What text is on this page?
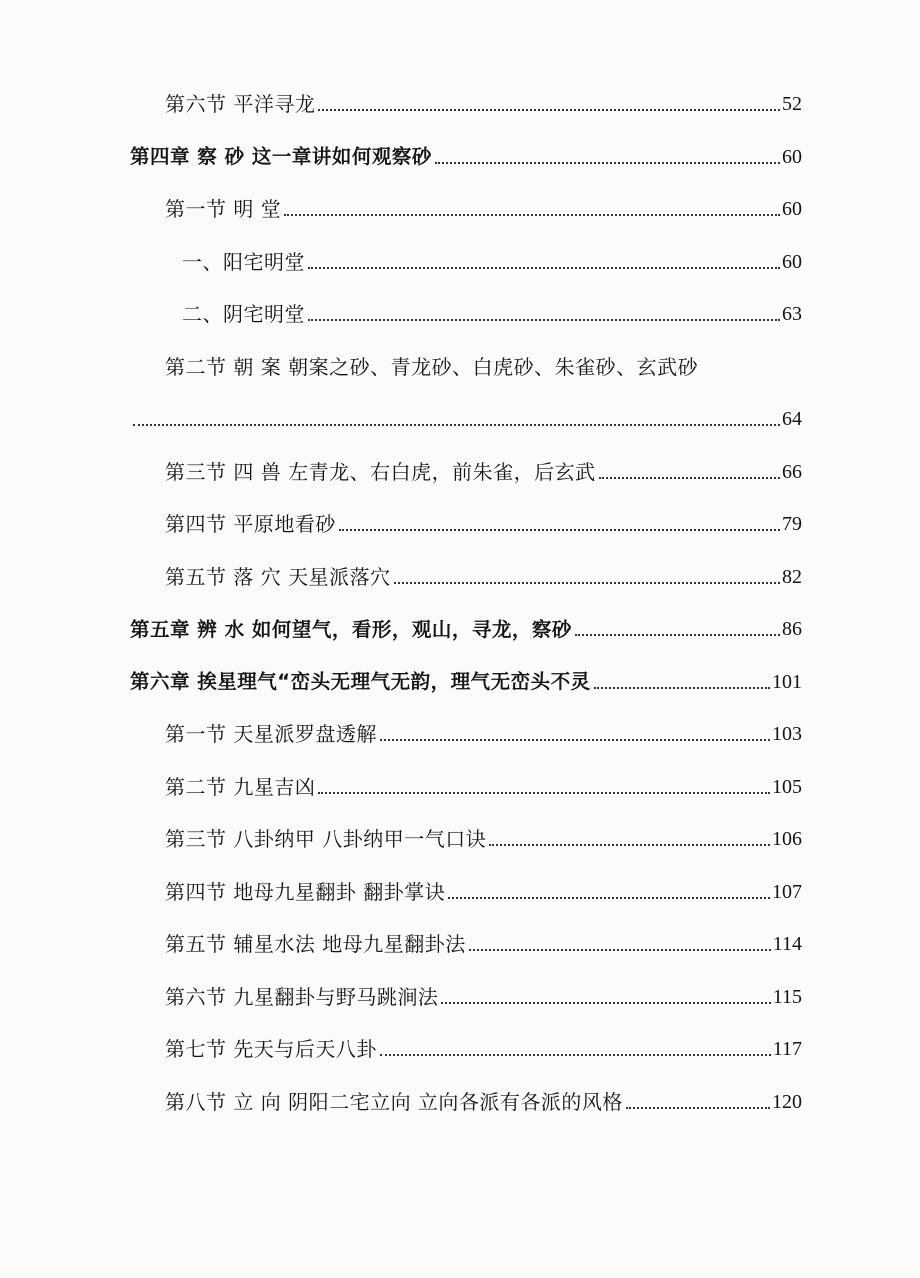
第六节 平洋寻龙	52
第四章 察 砂 这一章讲如何观察砂	60
第一节 明 堂	60
一、阳宅明堂	60
二、阴宅明堂	63
第二节 朝 案 朝案之砂、青龙砂、白虎砂、朱雀砂、玄武砂
64
第三节 四 兽 左青龙、右白虎，前朱雀，后玄武	66
第四节 平原地看砂	79
第五节 落 穴 天星派落穴	82
第五章 辨 水 如何望气，看形，观山，寻龙，察砂	86
第六章 挨星理气“峦头无理气无韵，理气无峦头不灵	101
第一节 天星派罗盘透解	103
第二节 九星吉凶	105
第三节 八卦纳甲 八卦纳甲一气口诀	106
第四节 地母九星翻卦 翻卦掌诀	107
第五节 辅星水法 地母九星翻卦法	114
第六节 九星翻卦与野马跳涧法	115
第七节 先天与后天八卦	117
第八节 立 向 阴阳二宅立向 立向各派有各派的风格	120
